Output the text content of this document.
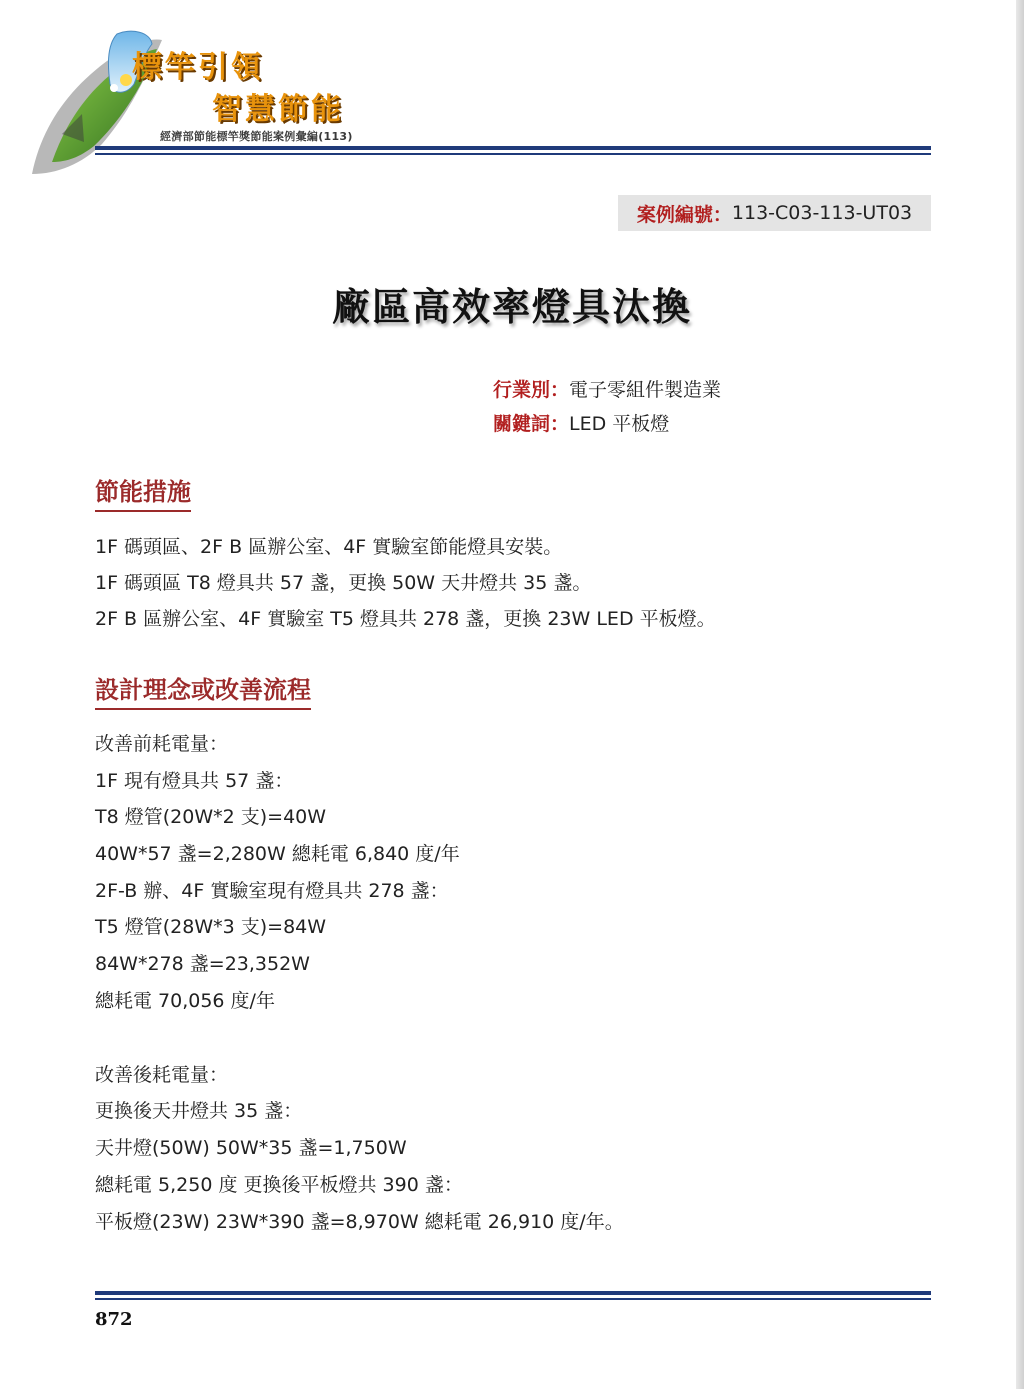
標竿引領
智慧節能
經濟部節能標竿獎節能案例彙編(113)
案例編號： 113-C03-113-UT03
廠區高效率燈具汰換
行業別：電子零組件製造業
關鍵詞：LED 平板燈
節能措施
1F 碼頭區、2F B 區辦公室、4F 實驗室節能燈具安裝。
1F 碼頭區 T8 燈具共 57 盞，更換 50W 天井燈共 35 盞。
2F B 區辦公室、4F 實驗室 T5 燈具共 278 盞，更換 23W LED 平板燈。
設計理念或改善流程
改善前耗電量：
1F 現有燈具共 57 盞：
T8 燈管(20W*2 支)=40W
40W*57 盞=2,280W 總耗電 6,840 度/年
2F-B 辦、4F 實驗室現有燈具共 278 盞：
T5 燈管(28W*3 支)=84W
84W*278 盞=23,352W
總耗電 70,056 度/年
改善後耗電量：
更換後天井燈共 35 盞：
天井燈(50W) 50W*35 盞=1,750W
總耗電 5,250 度 更換後平板燈共 390 盞：
平板燈(23W) 23W*390 盞=8,970W 總耗電 26,910 度/年。
872
